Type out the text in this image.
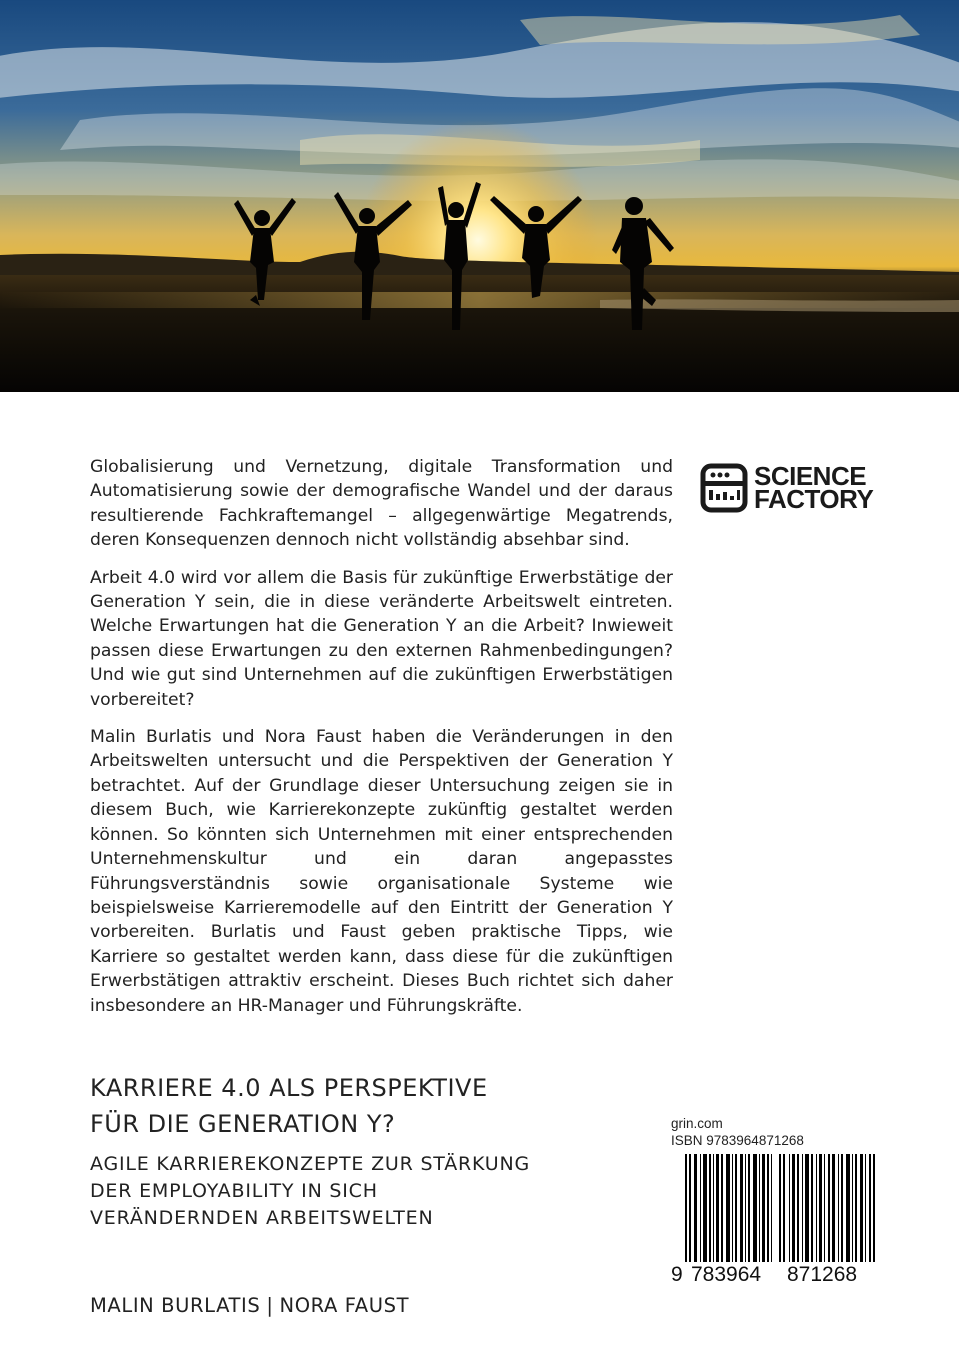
Globalisierung und Vernetzung, digitale Transformation und Automatisierung sowie der demografische Wandel und der daraus resultierende Fachkraftemangel – allgegenwärtige Megatrends, deren Konsequenzen dennoch nicht vollständig absehbar sind.

Arbeit 4.0 wird vor allem die Basis für zukünftige Erwerbstätige der Generation Y sein, die in diese veränderte Arbeitswelt eintreten. Welche Erwartungen hat die Generation Y an die Arbeit? Inwieweit passen diese Erwartungen zu den externen Rahmenbedingungen? Und wie gut sind Unternehmen auf die zukünftigen Erwerbstätigen vorbereitet?

Malin Burlatis und Nora Faust haben die Veränderungen in den Arbeitswelten untersucht und die Perspektiven der Generation Y betrachtet. Auf der Grundlage dieser Untersuchung zeigen sie in diesem Buch, wie Karrierekonzepte zukünftig gestaltet werden können. So könnten sich Unternehmen mit einer entsprechenden Unternehmenskultur und ein daran angepasstes Führungsverständnis sowie organisationale Systeme wie beispielsweise Karrieremodelle auf den Eintritt der Generation Y vorbereiten. Burlatis und Faust geben praktische Tipps, wie Karriere so gestaltet werden kann, dass diese für die zukünftigen Erwerbstätigen attraktiv erscheint. Dieses Buch richtet sich daher insbesondere an HR-Manager und Führungskräfte.

SCIENCE
FACTORY
KARRIERE 4.0 ALS PERSPEKTIVE
FÜR DIE GENERATION Y?
AGILE KARRIEREKONZEPTE ZUR STÄRKUNG
DER EMPLOYABILITY IN SICH
VERÄNDERNDEN ARBEITSWELTEN
MALIN BURLATIS | NORA FAUST
grin.com
ISBN 9783964871268
9 783964 871268
